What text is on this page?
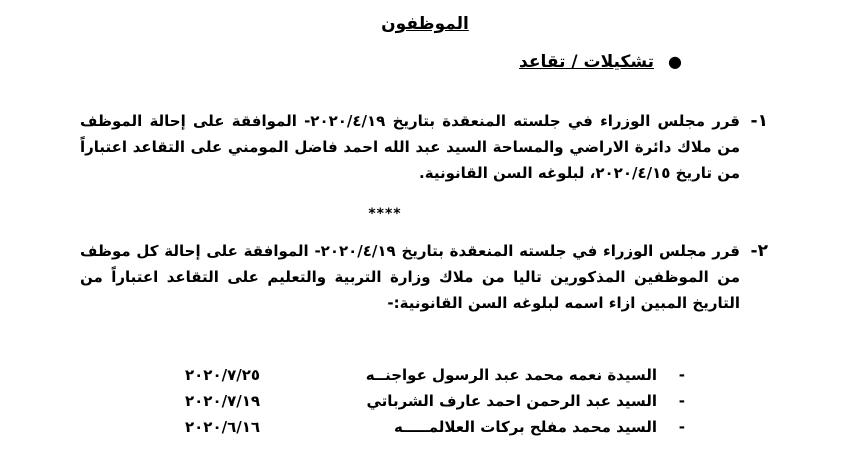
الموظفون
●تشكيلات / تقاعد
١-
قرر مجلس الوزراء في جلسته المنعقدة بتاريخ ٢٠٢٠/٤/١٩- الموافقة على إحالة الموظف من ملاك دائرة الاراضي والمساحة السيد عبد الله احمد فاضل المومني على التقاعد اعتباراً من تاريخ ٢٠٢٠/٤/١٥، لبلوغه السن القانونية.
****
٢-
قرر مجلس الوزراء في جلسته المنعقدة بتاريخ ٢٠٢٠/٤/١٩- الموافقة على إحالة كل موظف من الموظفين المذكورين تاليا من ملاك وزارة التربية والتعليم على التقاعد اعتباراً من التاريخ المبين ازاء اسمه لبلوغه السن القانونية:-
-
السيدة نعمه محمد عبد الرسول عواجنــه
٢٠٢٠/٧/٢٥
-
السيد عبد الرحمن احمد عارف الشرباتي
٢٠٢٠/٧/١٩
-
السيد محمد مفلح بركات العلالمـــــه
٢٠٢٠/٦/١٦
